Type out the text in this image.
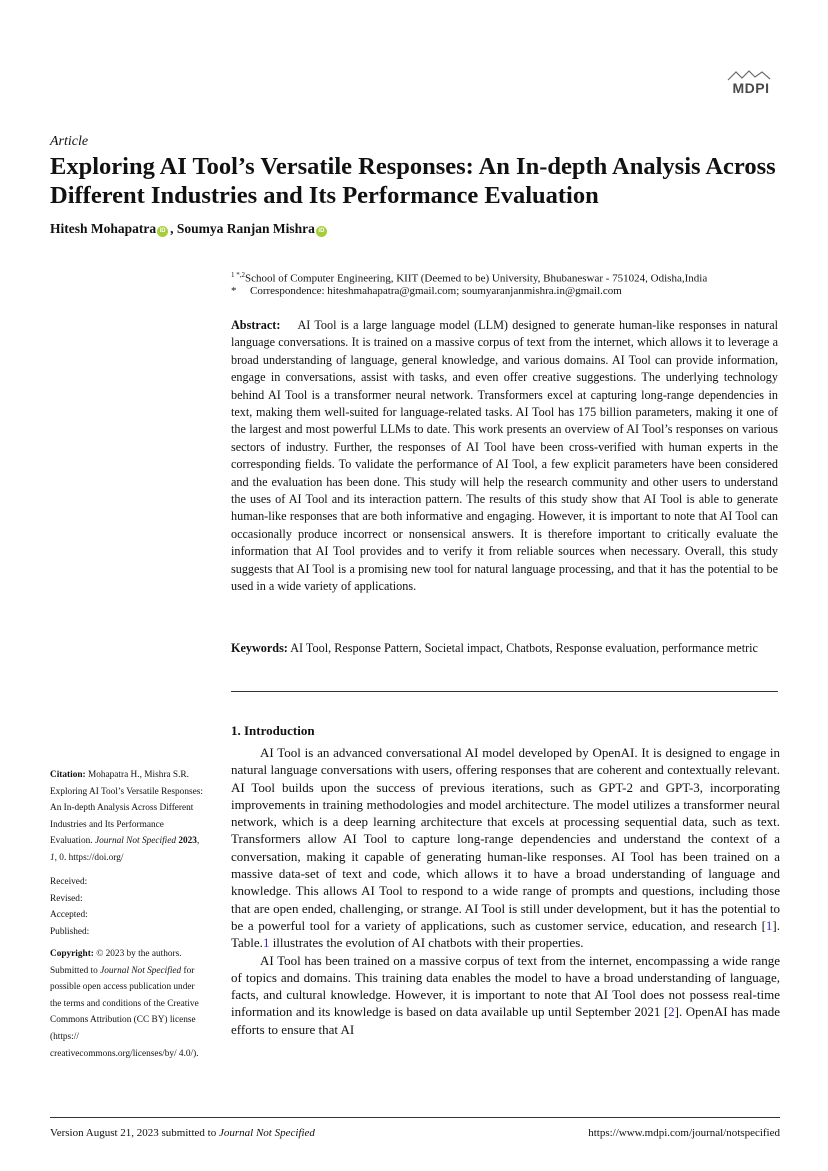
MDPI
Article
Exploring AI Tool’s Versatile Responses: An In-depth Analysis Across Different Industries and Its Performance Evaluation
Hitesh Mohapatra iD , Soumya Ranjan Mishra iD
$^{1 *,2}$School of Computer Engineering, KIIT (Deemed to be) University, Bhubaneswar - 751024, Odisha,India
* Correspondence: hiteshmahapatra@gmail.com; soumyaranjanmishra.in@gmail.com

Abstract: AI Tool is a large language model (LLM) designed to generate human-like responses in natural language conversations. It is trained on a massive corpus of text from the internet, which allows it to leverage a broad understanding of language, general knowledge, and various domains. AI Tool can provide information, engage in conversations, assist with tasks, and even offer creative suggestions. The underlying technology behind AI Tool is a transformer neural network. Transformers excel at capturing long-range dependencies in text, making them well-suited for language-related tasks. AI Tool has 175 billion parameters, making it one of the largest and most powerful LLMs to date. This work presents an overview of AI Tool’s responses on various sectors of industry. Further, the responses of AI Tool have been cross-verified with human experts in the corresponding fields. To validate the performance of AI Tool, a few explicit parameters have been considered and the evaluation has been done. This study will help the research community and other users to understand the uses of AI Tool and its interaction pattern. The results of this study show that AI Tool is able to generate human-like responses that are both informative and engaging. However, it is important to note that AI Tool can occasionally produce incorrect or nonsensical answers. It is therefore important to critically evaluate the information that AI Tool provides and to verify it from reliable sources when necessary. Overall, this study suggests that AI Tool is a promising new tool for natural language processing, and that it has the potential to be used in a wide variety of applications.

Keywords: AI Tool, Response Pattern, Societal impact, Chatbots, Response evaluation, performance metric

1. Introduction

AI Tool is an advanced conversational AI model developed by OpenAI. It is designed to engage in natural language conversations with users, offering responses that are coherent and contextually relevant. AI Tool builds upon the success of previous iterations, such as GPT-2 and GPT-3, incorporating improvements in training methodologies and model architecture. The model utilizes a transformer neural network, which is a deep learning architecture that excels at processing sequential data, such as text. Transformers allow AI Tool to capture long-range dependencies and understand the context of a conversation, making it capable of generating human-like responses. AI Tool has been trained on a massive data-set of text and code, which allows it to have a broad understanding of language and knowledge. This allows AI Tool to respond to a wide range of prompts and questions, including those that are open ended, challenging, or strange. AI Tool is still under development, but it has the potential to be a powerful tool for a variety of applications, such as customer service, education, and research [1]. Table.1 illustrates the evolution of AI chatbots with their properties.

AI Tool has been trained on a massive corpus of text from the internet, encompassing a wide range of topics and domains. This training data enables the model to have a broad understanding of language, facts, and cultural knowledge. However, it is important to note that AI Tool does not possess real-time information and its knowledge is based on data available up until September 2021 [2]. OpenAI has made efforts to ensure that AI

Citation: Mohapatra H., Mishra S.R. Exploring AI Tool’s Versatile Responses: An In-depth Analysis Across Different Industries and Its Performance Evaluation. Journal Not Specified 2023, 1, 0. https://doi.org/
Received:
Revised:
Accepted:
Published:
Copyright: © 2023 by the authors. Submitted to Journal Not Specified for possible open access publication under the terms and conditions of the Creative Commons Attribution (CC BY) license (https:// creativecommons.org/licenses/by/ 4.0/).
Version August 21, 2023 submitted to Journal Not Specified	https://www.mdpi.com/journal/notspecified
